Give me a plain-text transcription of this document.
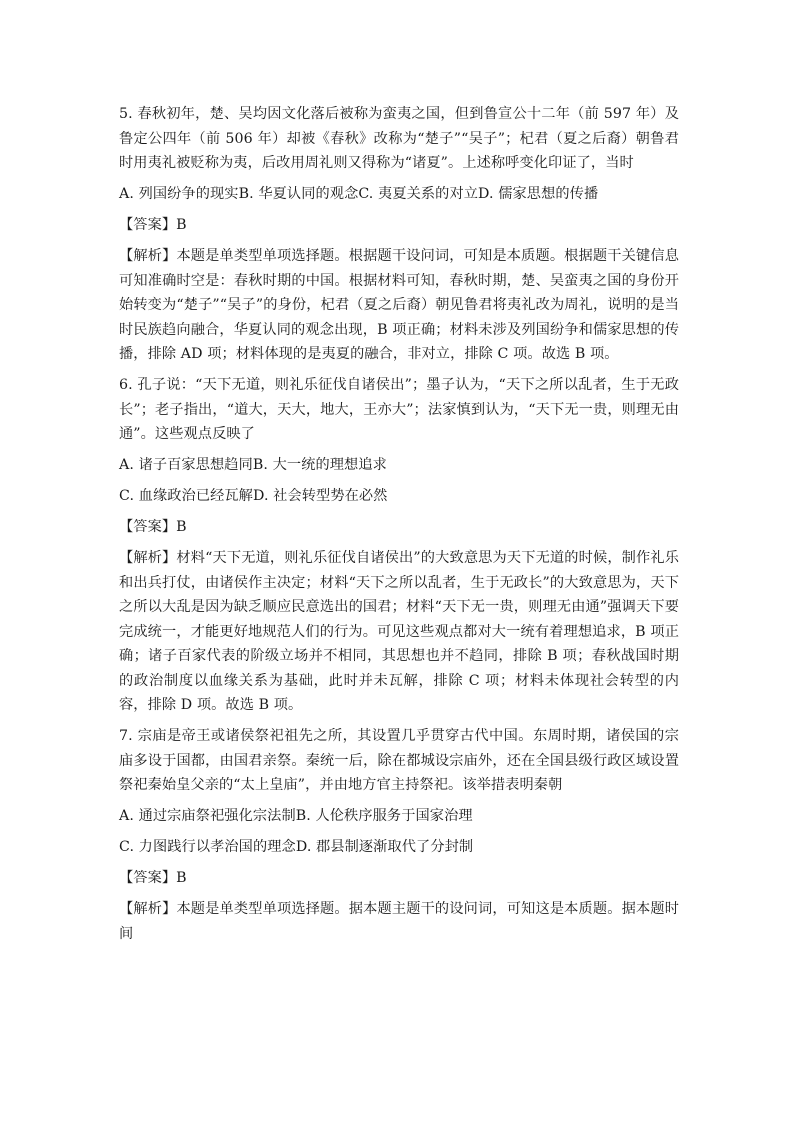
5. 春秋初年，楚、吴均因文化落后被称为蛮夷之国，但到鲁宣公十二年（前 597 年）及鲁定公四年（前 506 年）却被《春秋》改称为“楚子”“吴子”；杞君（夏之后裔）朝鲁君时用夷礼被贬称为夷，后改用周礼则又得称为“诸夏”。上述称呼变化印证了，当时

A. 列国纷争的现实B. 华夏认同的观念C. 夷夏关系的对立D. 儒家思想的传播

【答案】B

【解析】本题是单类型单项选择题。根据题干设问词，可知是本质题。根据题干关键信息可知准确时空是：春秋时期的中国。根据材料可知，春秋时期，楚、吴蛮夷之国的身份开始转变为“楚子”“吴子”的身份，杞君（夏之后裔）朝见鲁君将夷礼改为周礼，说明的是当时民族趋向融合，华夏认同的观念出现，B 项正确；材料未涉及列国纷争和儒家思想的传播，排除 AD 项；材料体现的是夷夏的融合，非对立，排除 C 项。故选 B 项。

6. 孔子说：“天下无道，则礼乐征伐自诸侯出”；墨子认为，“天下之所以乱者，生于无政长”；老子指出，“道大，天大，地大，王亦大”；法家慎到认为，“天下无一贵，则理无由通”。这些观点反映了

A. 诸子百家思想趋同B. 大一统的理想追求

C. 血缘政治已经瓦解D. 社会转型势在必然

【答案】B

【解析】材料“天下无道，则礼乐征伐自诸侯出”的大致意思为天下无道的时候，制作礼乐和出兵打仗，由诸侯作主决定；材料“天下之所以乱者，生于无政长”的大致意思为，天下之所以大乱是因为缺乏顺应民意选出的国君；材料“天下无一贵，则理无由通”强调天下要完成统一，才能更好地规范人们的行为。可见这些观点都对大一统有着理想追求，B 项正确；诸子百家代表的阶级立场并不相同，其思想也并不趋同，排除 B 项；春秋战国时期的政治制度以血缘关系为基础，此时并未瓦解，排除 C 项；材料未体现社会转型的内容，排除 D 项。故选 B 项。

7. 宗庙是帝王或诸侯祭祀祖先之所，其设置几乎贯穿古代中国。东周时期，诸侯国的宗庙多设于国都，由国君亲祭。秦统一后，除在都城设宗庙外，还在全国县级行政区域设置祭祀秦始皇父亲的“太上皇庙”，并由地方官主持祭祀。该举措表明秦朝

A. 通过宗庙祭祀强化宗法制B. 人伦秩序服务于国家治理

C. 力图践行以孝治国的理念D. 郡县制逐渐取代了分封制

【答案】B

【解析】本题是单类型单项选择题。据本题主题干的设问词，可知这是本质题。据本题时间
